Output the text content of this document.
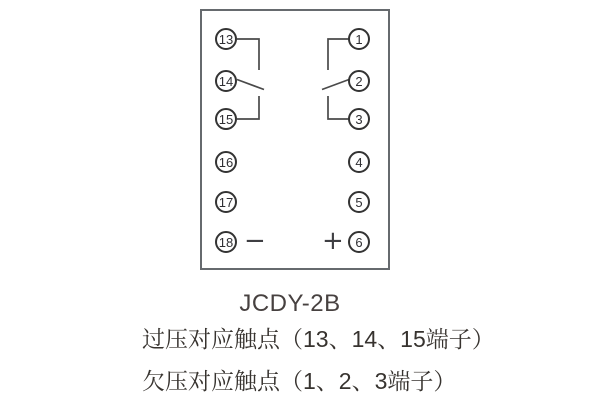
13
14
15
16
17
18
1
2
3
4
5
6
− +
JCDY-2B
过压对应触点（13、14、15端子）
欠压对应触点（1、2、3端子）
